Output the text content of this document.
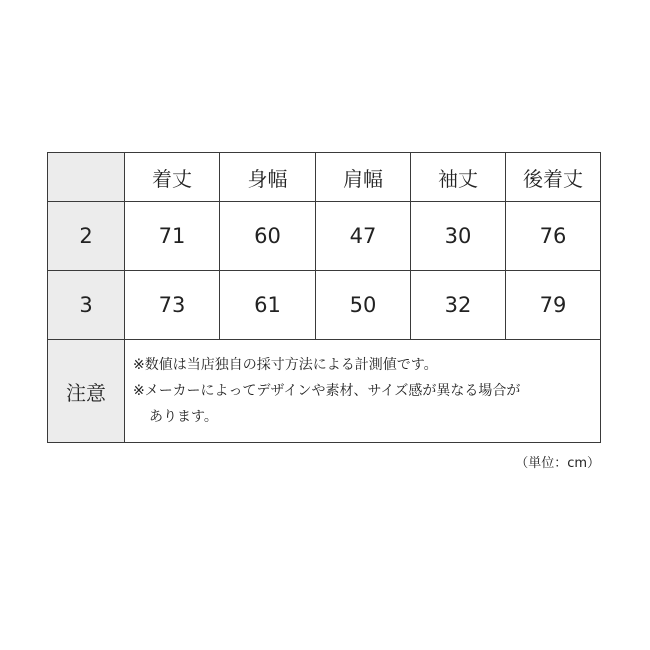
	着丈	身幅	肩幅	袖丈	後着丈
2	71	60	47	30	76
3	73	61	50	32	79
注意	※数値は当店独自の採寸方法による計測値です。
※メーカーによってデザインや素材、サイズ感が異なる場合が
あります。				
（単位：cm）
